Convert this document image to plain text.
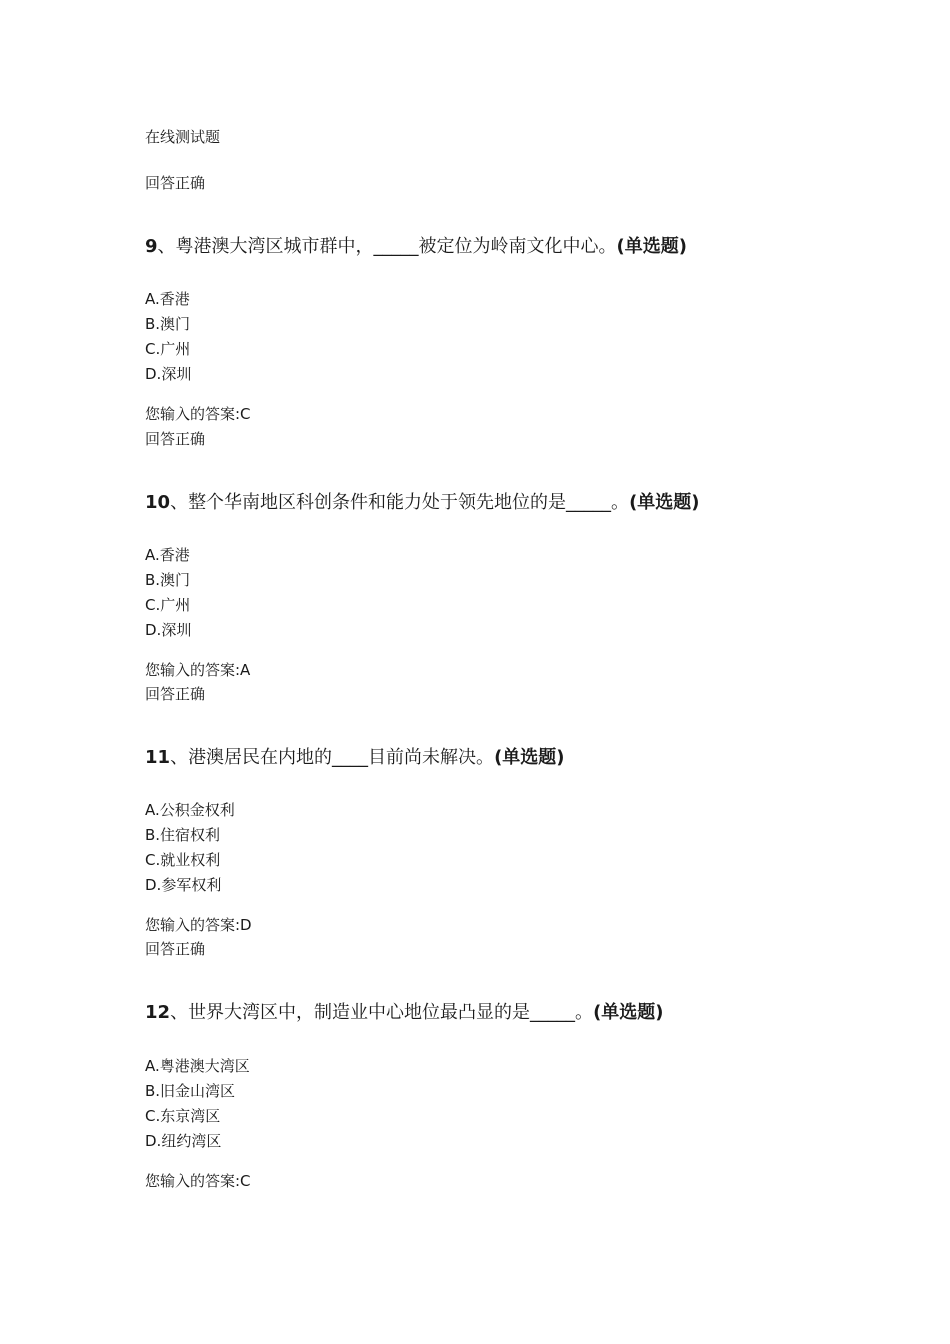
在线测试题
回答正确
9、粤港澳大湾区城市群中，_____被定位为岭南文化中心。(单选题)
A.香港
B.澳门
C.广州
D.深圳
您输入的答案:C
回答正确
10、整个华南地区科创条件和能力处于领先地位的是_____。(单选题)
A.香港
B.澳门
C.广州
D.深圳
您输入的答案:A
回答正确
11、港澳居民在内地的____目前尚未解决。(单选题)
A.公积金权利
B.住宿权利
C.就业权利
D.参军权利
您输入的答案:D
回答正确
12、世界大湾区中，制造业中心地位最凸显的是_____。(单选题)
A.粤港澳大湾区
B.旧金山湾区
C.东京湾区
D.纽约湾区
您输入的答案:C
